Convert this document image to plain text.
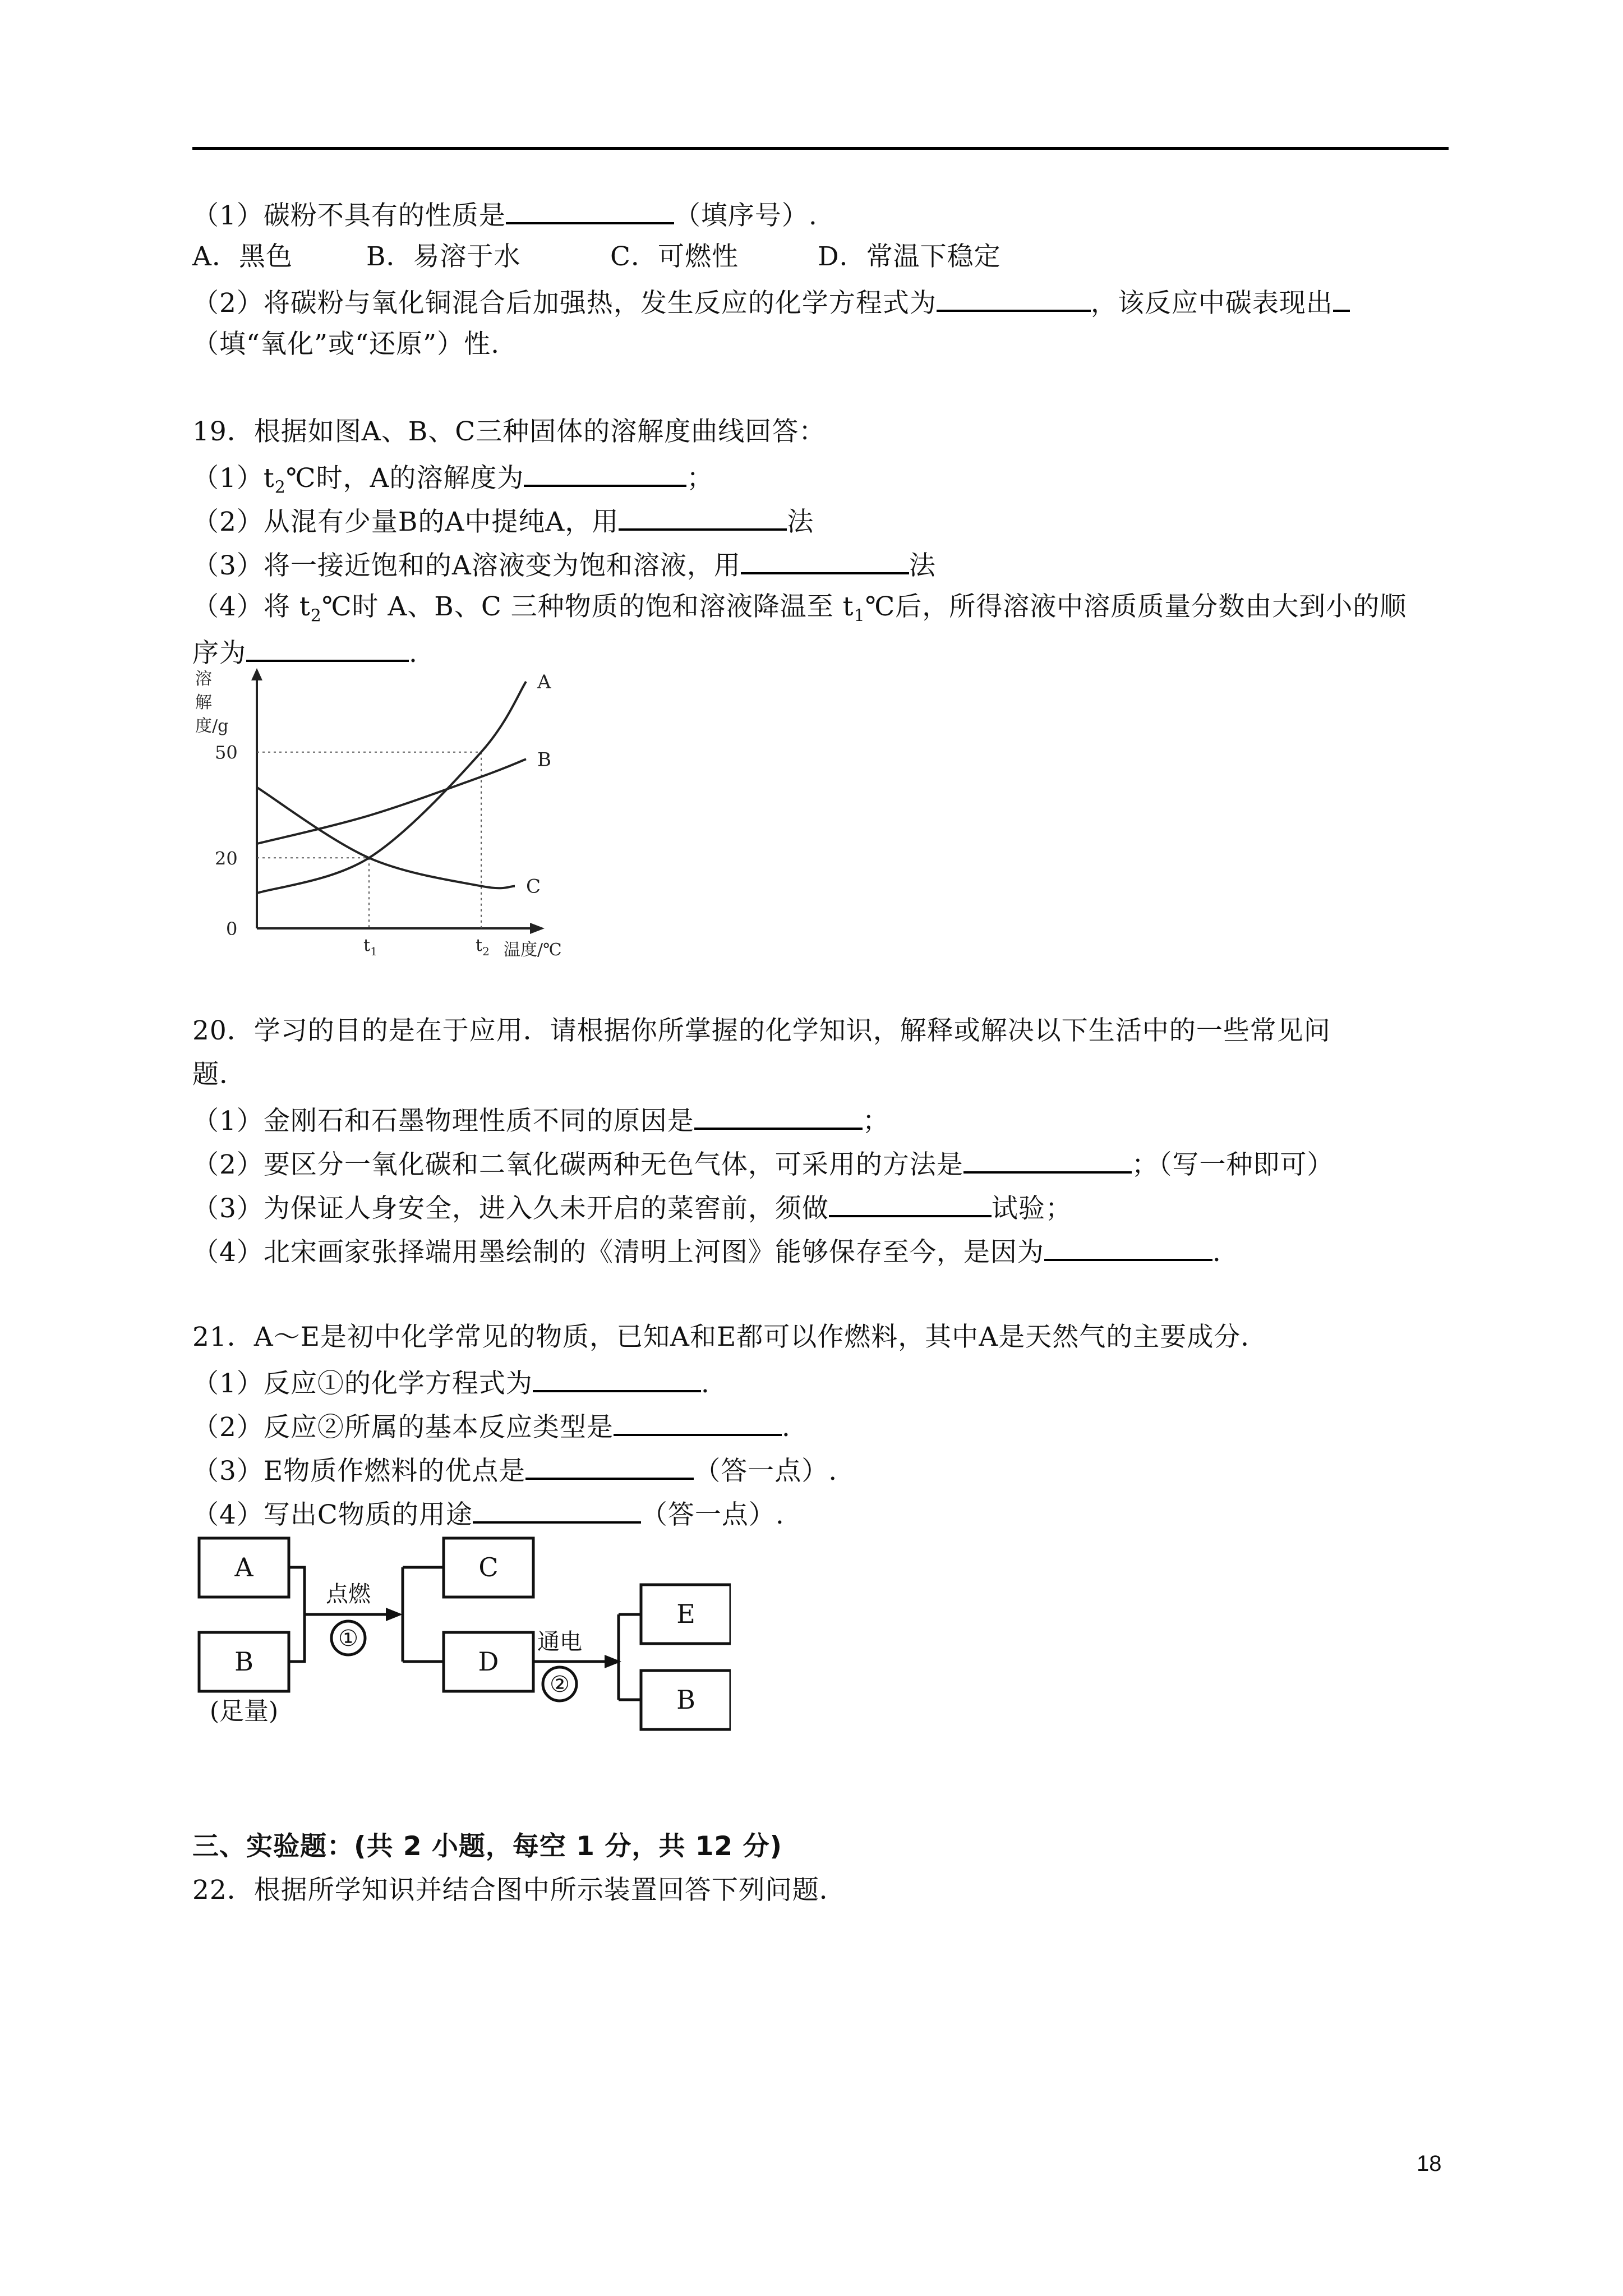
（1）碳粉不具有的性质是	（填序号）.
A．黑色	B．易溶于水	C．可燃性	D．常温下稳定
（2）将碳粉与氧化铜混合后加强热，发生反应的化学方程式为	，该反应中碳表现出
（填“氧化”或“还原”）性.
19．根据如图A、B、C三种固体的溶解度曲线回答：
$(1)t_2℃$时，A的溶解度为	；
（2）从混有少量B的A中提纯A，用	法
（3）将一接近饱和的A溶液变为饱和溶液，用	法
（4）将 $t_2℃$时 A、B、C 三种物质的饱和溶液降温至 $t_1℃$后，所得溶液中溶质质量分数由大到小的顺
序为	.
A
B
C
溶
解
度/g
50
20
0
$t_1$	$t_2$ 温度/℃
20．学习的目的是在于应用．请根据你所掌握的化学知识，解释或解决以下生活中的一些常见问
题．
（1）金刚石和石墨物理性质不同的原因是	；
（2）要区分一氧化碳和二氧化碳两种无色气体，可采用的方法是	；（写一种即可）
（3）为保证人身安全，进入久未开启的菜窖前，须做	试验；
（4）北宋画家张择端用墨绘制的《清明上河图》能够保存至今，是因为	.
21．A～E是初中化学常见的物质，已知A和E都可以作燃料，其中A是天然气的主要成分．
（1）反应①的化学方程式为	.
（2）反应②所属的基本反应类型是	.
（3）E物质作燃料的优点是	（答一点）.
（4）写出C物质的用途	（答一点）.
A
B
C
D
E
B
(足量)
点燃
通电
①
②
三、实验题：(共 2 小题，每空 1 分，共 12 分)
22．根据所学知识并结合图中所示装置回答下列问题．
18
